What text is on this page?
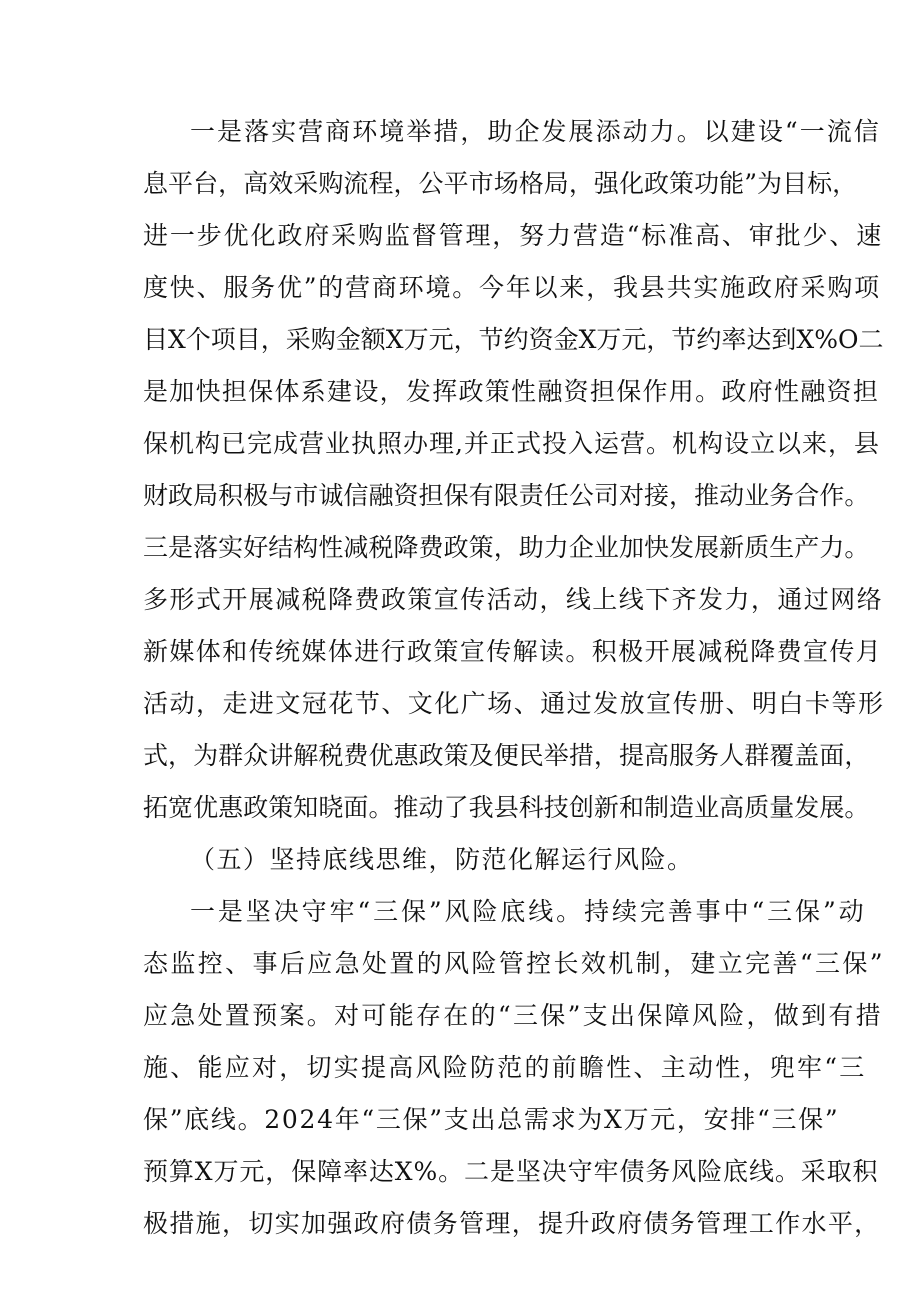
一是落实营商环境举措，助企发展添动力。以建设“一流信
息平台，高效采购流程，公平市场格局，强化政策功能”为目标，
进一步优化政府采购监督管理，努力营造“标准高、审批少、速
度快、服务优”的营商环境。今年以来，我县共实施政府采购项
目X个项目，采购金额X万元，节约资金X万元，节约率达到X%O二
是加快担保体系建设，发挥政策性融资担保作用。政府性融资担
保机构已完成营业执照办理,并正式投入运营。机构设立以来，县
财政局积极与市诚信融资担保有限责任公司对接，推动业务合作。
三是落实好结构性减税降费政策，助力企业加快发展新质生产力。
多形式开展减税降费政策宣传活动，线上线下齐发力，通过网络
新媒体和传统媒体进行政策宣传解读。积极开展减税降费宣传月
活动，走进文冠花节、文化广场、通过发放宣传册、明白卡等形
式，为群众讲解税费优惠政策及便民举措，提高服务人群覆盖面，
拓宽优惠政策知晓面。推动了我县科技创新和制造业高质量发展。
（五）坚持底线思维，防范化解运行风险。
一是坚决守牢“三保”风险底线。持续完善事中“三保”动
态监控、事后应急处置的风险管控长效机制，建立完善“三保”
应急处置预案。对可能存在的“三保”支出保障风险，做到有措
施、能应对，切实提高风险防范的前瞻性、主动性，兜牢“三
保”底线。2024年“三保”支出总需求为X万元，安排“三保”
预算X万元，保障率达X%。二是坚决守牢债务风险底线。采取积
极措施，切实加强政府债务管理，提升政府债务管理工作水平，
